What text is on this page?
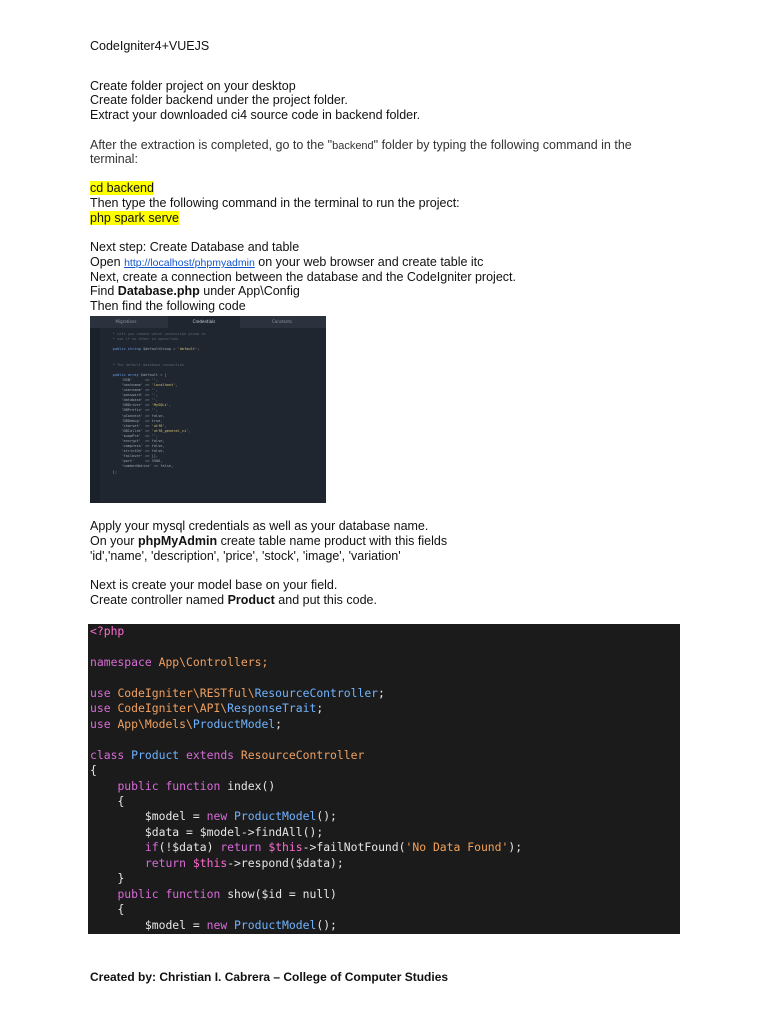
CodeIgniter4+VUEJS
Create folder project on your desktop
Create folder backend under the project folder.
Extract your downloaded ci4 source code in backend folder.
After the extraction is completed, go to the "backend" folder by typing the following command in the
terminal:
cd backend
Then type the following command in the terminal to run the project:
php spark serve
Next step: Create Database and table
Open http://localhost/phpmyadmin on your web browser and create table itc
Next, create a connection between the database and the CodeIgniter project.
Find Database.php under App\Config
Then find the following code
Migrations	Credentials	Constants
* Lets you choose which connection group to
* use if no other is specified.

public string $defaultGroup = 'default';

* The default database connection.

public array $default = [
'DSN'      => '',
'hostname' => 'localhost',
'username' => '',
'password' => '',
'database' => '',
'DBDriver' => 'MySQLi',
'DBPrefix' => '',
'pConnect' => false,
'DBDebug'  => true,
'charset'  => 'utf8',
'DBCollat' => 'utf8_general_ci',
'swapPre'  => '',
'encrypt'  => false,
'compress' => false,
'strictOn' => false,
'failover' => [],
'port'     => 3306,
'numberNative' => false,
];
Apply your mysql credentials as well as your database name.
On your phpMyAdmin create table name product with this fields
'id','name', 'description', 'price', 'stock', 'image', 'variation'
Next is create your model base on your field.
Create controller named Product and put this code.
<?php

namespace App\Controllers;

use CodeIgniter\RESTful\ResourceController;
use CodeIgniter\API\ResponseTrait;
use App\Models\ProductModel;

class Product extends ResourceController
{
public function index()
{
$model = new ProductModel();
$data = $model->findAll();
if(!$data) return $this->failNotFound('No Data Found');
return $this->respond($data);
}
public function show($id = null)
{
$model = new ProductModel();
Created by: Christian I. Cabrera – College of Computer Studies
